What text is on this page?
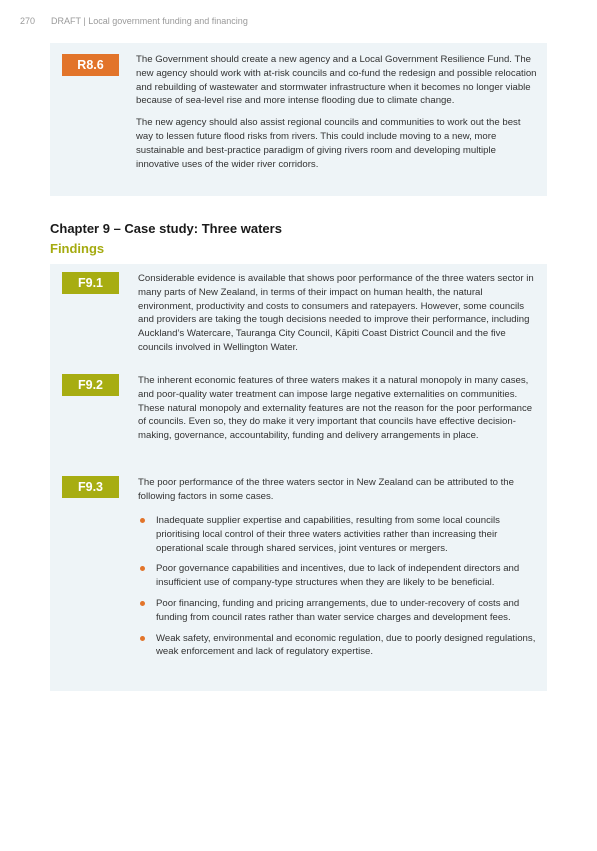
270 DRAFT | Local government funding and financing
R8.6	The Government should create a new agency and a Local Government Resilience Fund. The new agency should work with at-risk councils and co-fund the redesign and possible relocation and rebuilding of wastewater and stormwater infrastructure when it becomes no longer viable because of sea-level rise and more intense flooding due to climate change.

The new agency should also assist regional councils and communities to work out the best way to lessen future flood risks from rivers. This could include moving to a new, more sustainable and best-practice paradigm of giving rivers room and developing multiple innovative uses of the wider river corridors.

Chapter 9 – Case study: Three waters
Findings
F9.1	Considerable evidence is available that shows poor performance of the three waters sector in many parts of New Zealand, in terms of their impact on human health, the natural environment, productivity and costs to consumers and ratepayers. However, some councils and providers are taking the tough decisions needed to improve their performance, including Auckland’s Watercare, Tauranga City Council, Kāpiti Coast District Council and the five councils involved in Wellington Water.
F9.2	The inherent economic features of three waters makes it a natural monopoly in many cases, and poor-quality water treatment can impose large negative externalities on communities. These natural monopoly and externality features are not the reason for the poor performance of councils. Even so, they do make it very important that councils have effective decision-making, governance, accountability, funding and delivery arrangements in place.
F9.3	The poor performance of the three waters sector in New Zealand can be attributed to the following factors in some cases.
Inadequate supplier expertise and capabilities, resulting from some local councils prioritising local control of their three waters activities rather than increasing their operational scale through shared services, joint ventures or mergers.
Poor governance capabilities and incentives, due to lack of independent directors and insufficient use of company-type structures when they are likely to be beneficial.
Poor financing, funding and pricing arrangements, due to under-recovery of costs and funding from council rates rather than water service charges and development fees.
Weak safety, environmental and economic regulation, due to poorly designed regulations, weak enforcement and lack of regulatory expertise.
